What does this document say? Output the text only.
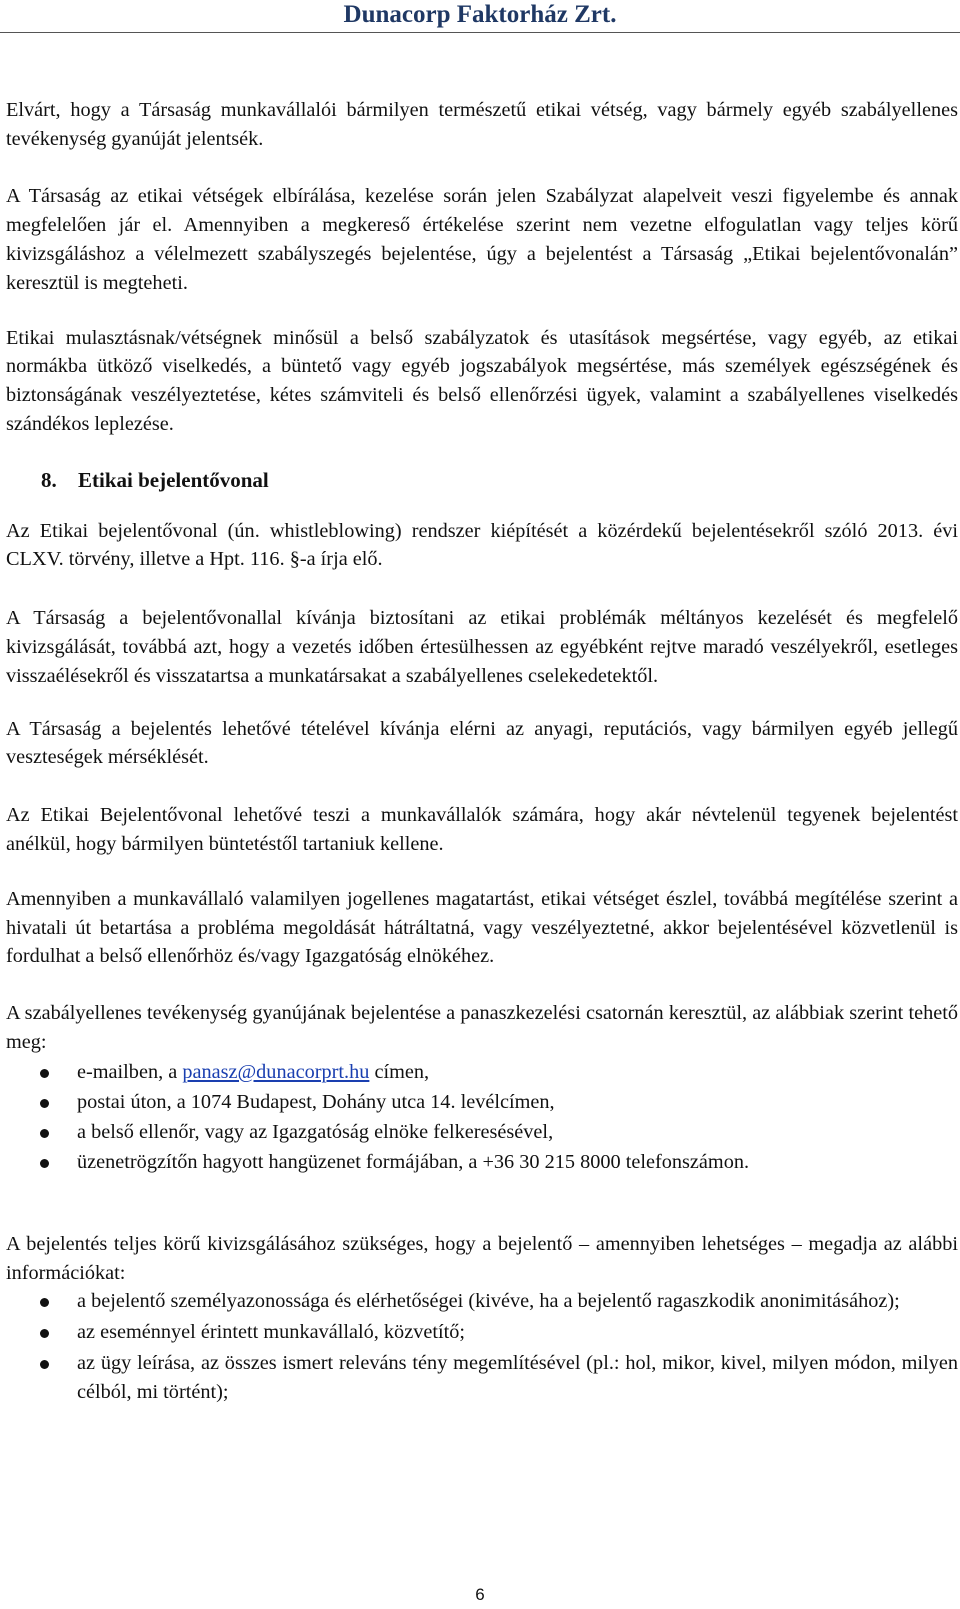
Dunacorp Faktorház Zrt.

Elvárt, hogy a Társaság munkavállalói bármilyen természetű etikai vétség, vagy bármely egyéb szabályellenes tevékenység gyanúját jelentsék.

A Társaság az etikai vétségek elbírálása, kezelése során jelen Szabályzat alapelveit veszi figyelembe és annak megfelelően jár el. Amennyiben a megkereső értékelése szerint nem vezetne elfogulatlan vagy teljes körű kivizsgáláshoz a vélelmezett szabályszegés bejelentése, úgy a bejelentést a Társaság „Etikai bejelentővonalán” keresztül is megteheti.

Etikai mulasztásnak/vétségnek minősül a belső szabályzatok és utasítások megsértése, vagy egyéb, az etikai normákba ütköző viselkedés, a büntető vagy egyéb jogszabályok megsértése, más személyek egészségének és biztonságának veszélyeztetése, kétes számviteli és belső ellenőrzési ügyek, valamint a szabályellenes viselkedés szándékos leplezése.

8. Etikai bejelentővonal

Az Etikai bejelentővonal (ún. whistleblowing) rendszer kiépítését a közérdekű bejelentésekről szóló 2013. évi CLXV. törvény, illetve a Hpt. 116. §-a írja elő.

A Társaság a bejelentővonallal kívánja biztosítani az etikai problémák méltányos kezelését és megfelelő kivizsgálását, továbbá azt, hogy a vezetés időben értesülhessen az egyébként rejtve maradó veszélyekről, esetleges visszaélésekről és visszatartsa a munkatársakat a szabályellenes cselekedetektől.

A Társaság a bejelentés lehetővé tételével kívánja elérni az anyagi, reputációs, vagy bármilyen egyéb jellegű veszteségek mérséklését.

Az Etikai Bejelentővonal lehetővé teszi a munkavállalók számára, hogy akár névtelenül tegyenek bejelentést anélkül, hogy bármilyen büntetéstől tartaniuk kellene.

Amennyiben a munkavállaló valamilyen jogellenes magatartást, etikai vétséget észlel, továbbá megítélése szerint a hivatali út betartása a probléma megoldását hátráltatná, vagy veszélyeztetné, akkor bejelentésével közvetlenül is fordulhat a belső ellenőrhöz és/vagy Igazgatóság elnökéhez.

A szabályellenes tevékenység gyanújának bejelentése a panaszkezelési csatornán keresztül, az alábbiak szerint tehető meg:

e-mailben, a panasz@dunacorprt.hu címen,
postai úton, a 1074 Budapest, Dohány utca 14. levélcímen,
a belső ellenőr, vagy az Igazgatóság elnöke felkeresésével,
üzenetrögzítőn hagyott hangüzenet formájában, a +36 30 215 8000 telefonszámon.

A bejelentés teljes körű kivizsgálásához szükséges, hogy a bejelentő – amennyiben lehetséges – megadja az alábbi információkat:

a bejelentő személyazonossága és elérhetőségei (kivéve, ha a bejelentő ragaszkodik anonimitásához);
az eseménnyel érintett munkavállaló, közvetítő;
az ügy leírása, az összes ismert releváns tény megemlítésével (pl.: hol, mikor, kivel, milyen módon, milyen célból, mi történt);
6
